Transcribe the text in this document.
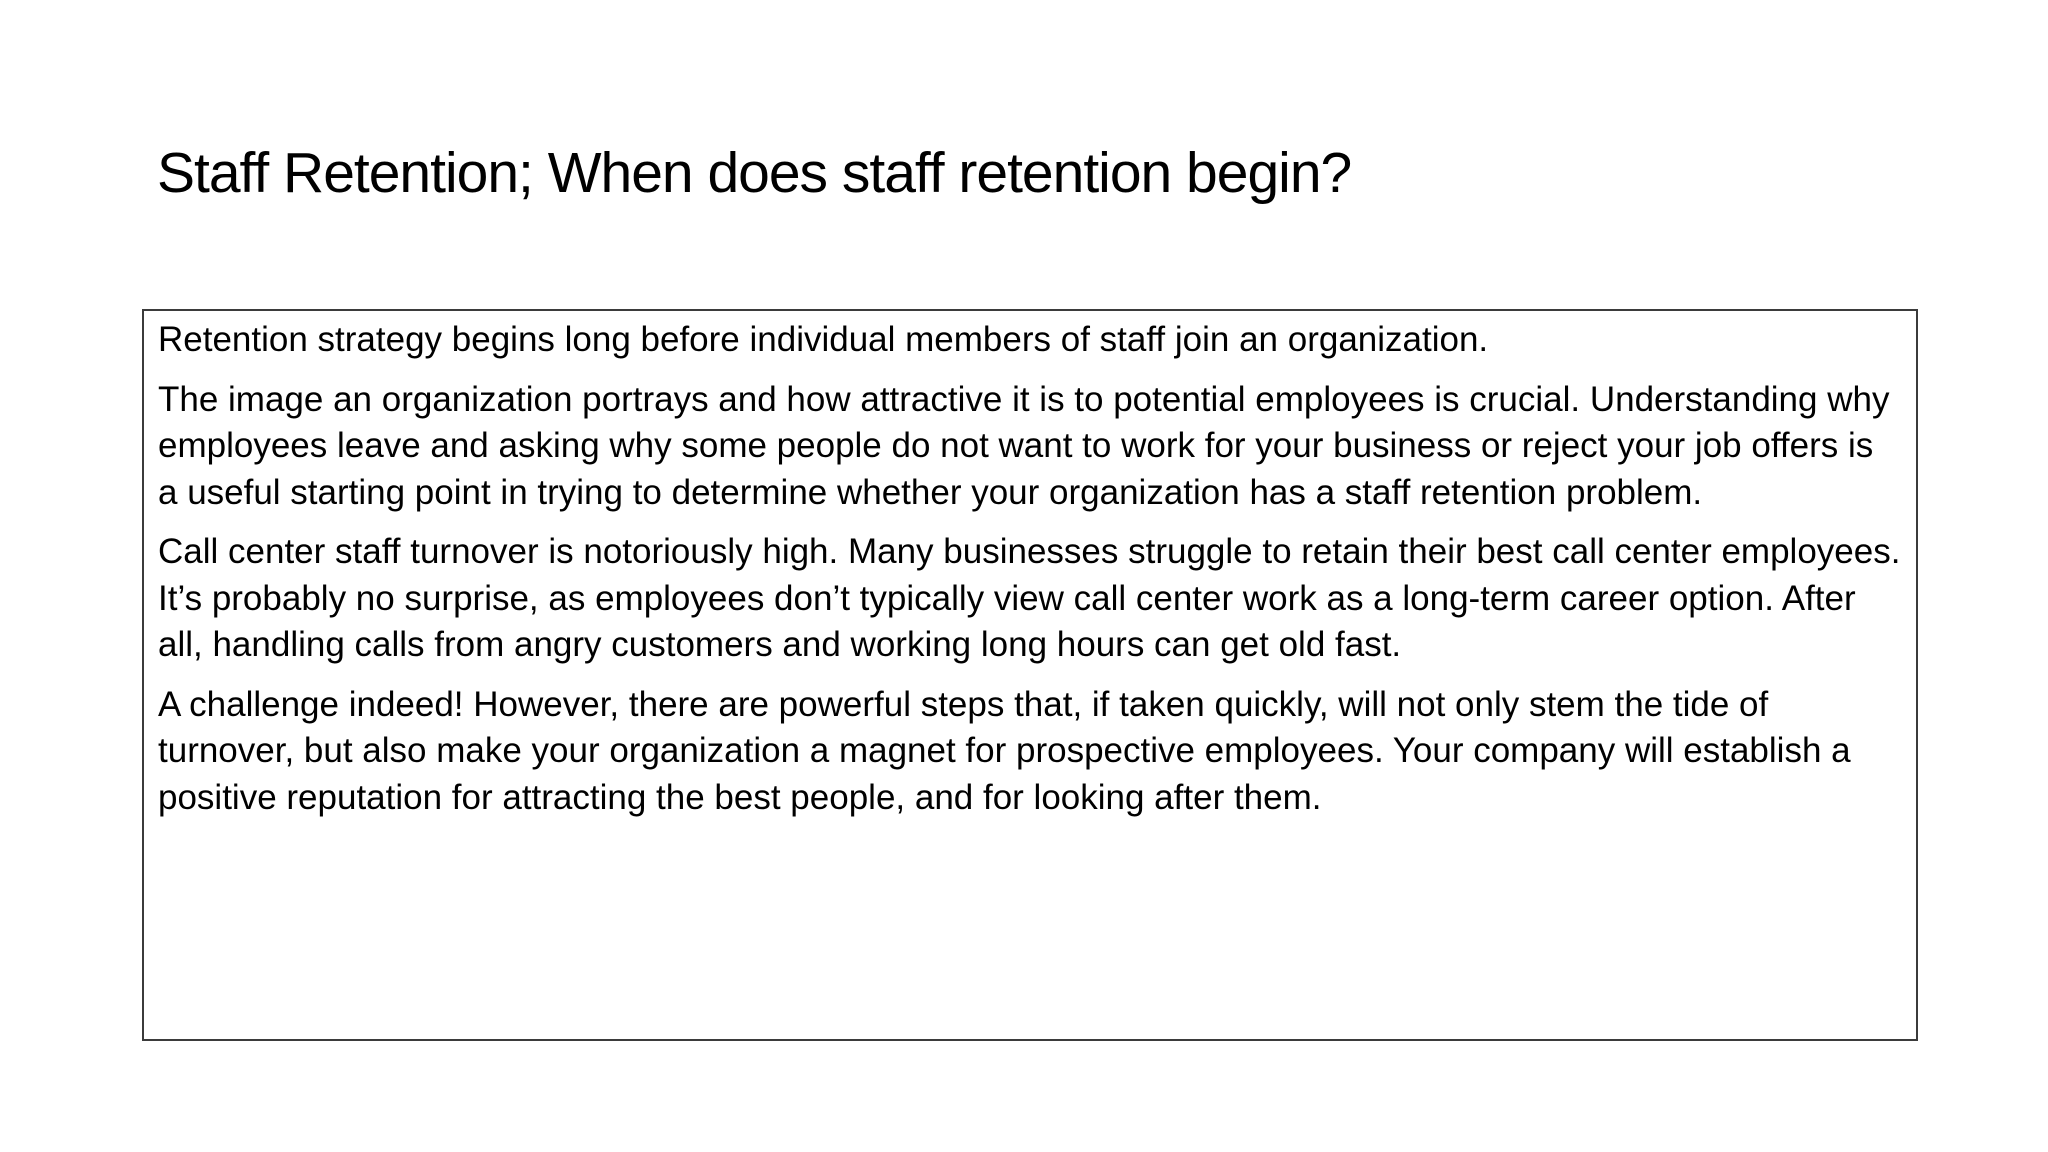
Staff Retention; When does staff retention begin?

Retention strategy begins long before individual members of staff join an organization.

The image an organization portrays and how attractive it is to potential employees is crucial. Understanding why employees leave and asking why some people do not want to work for your business or reject your job offers is a useful starting point in trying to determine whether your organization has a staff retention problem.

Call center staff turnover is notoriously high. Many businesses struggle to retain their best call center employees. It’s probably no surprise, as employees don’t typically view call center work as a long-term career option. After all, handling calls from angry customers and working long hours can get old fast.

A challenge indeed! However, there are powerful steps that, if taken quickly, will not only stem the tide of turnover, but also make your organization a magnet for prospective employees. Your company will establish a positive reputation for attracting the best people, and for looking after them.
